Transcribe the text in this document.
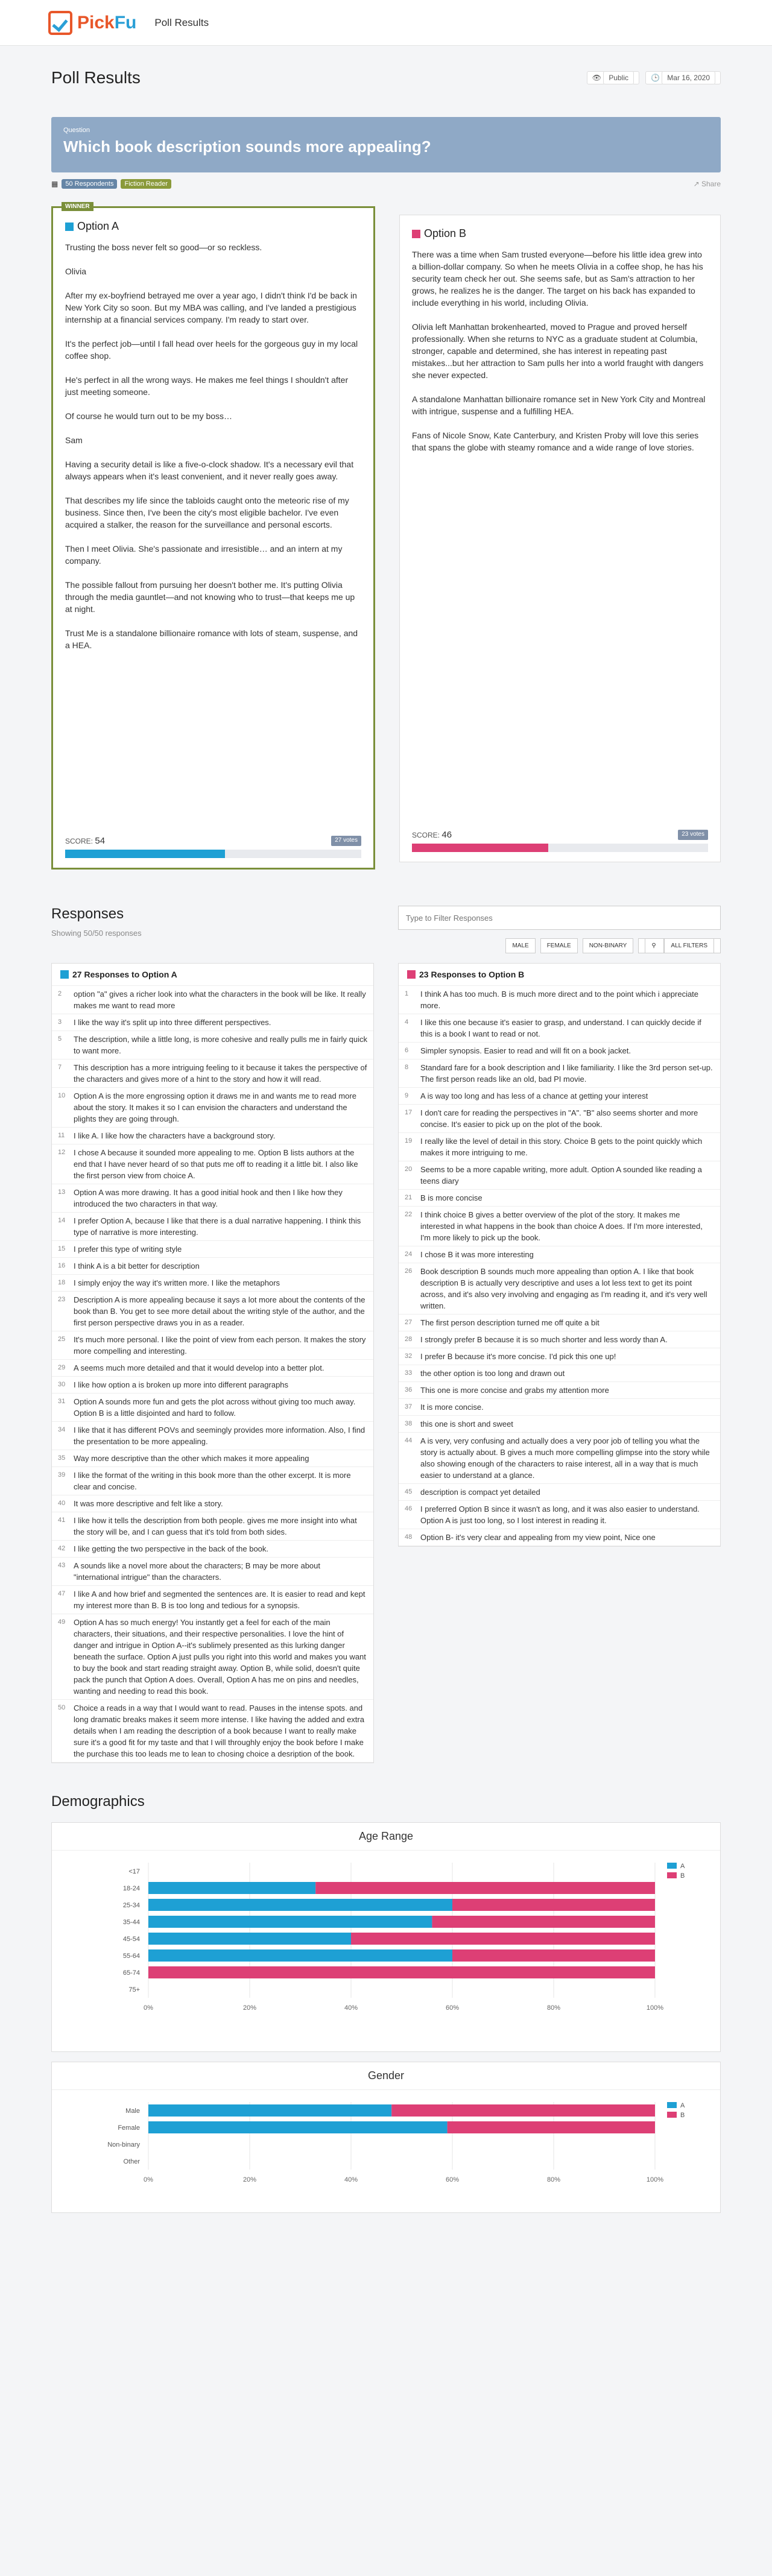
PickFu Poll Results
Poll Results	👁 Public	🕒 Mar 16, 2020
Question
Which book description sounds more appealing?
▦	50 Respondents	Fiction Reader	↗ Share
WINNER
Option A

Trusting the boss never felt so good—or so reckless.

Olivia

After my ex-boyfriend betrayed me over a year ago, I didn't think I'd be back in New York City so soon. But my MBA was calling, and I've landed a prestigious internship at a financial services company. I'm ready to start over.

It's the perfect job—until I fall head over heels for the gorgeous guy in my local coffee shop.

He's perfect in all the wrong ways. He makes me feel things I shouldn't after just meeting someone.

Of course he would turn out to be my boss…

Sam

Having a security detail is like a five-o-clock shadow. It's a necessary evil that always appears when it's least convenient, and it never really goes away.

That describes my life since the tabloids caught onto the meteoric rise of my business. Since then, I've been the city's most eligible bachelor. I've even acquired a stalker, the reason for the surveillance and personal escorts.

Then I meet Olivia. She's passionate and irresistible… and an intern at my company.

The possible fallout from pursuing her doesn't bother me. It's putting Olivia through the media gauntlet—and not knowing who to trust—that keeps me up at night.

Trust Me is a standalone billionaire romance with lots of steam, suspense, and a HEA.

SCORE: 54	27 votes
Option B

There was a time when Sam trusted everyone—before his little idea grew into a billion-dollar company. So when he meets Olivia in a coffee shop, he has his security team check her out. She seems safe, but as Sam's attraction to her grows, he realizes he is the danger. The target on his back has expanded to include everything in his world, including Olivia.

Olivia left Manhattan brokenhearted, moved to Prague and proved herself professionally. When she returns to NYC as a graduate student at Columbia, stronger, capable and determined, she has interest in repeating past mistakes...but her attraction to Sam pulls her into a world fraught with dangers she never expected.

A standalone Manhattan billionaire romance set in New York City and Montreal with intrigue, suspense and a fulfilling HEA.

Fans of Nicole Snow, Kate Canterbury, and Kristen Proby will love this series that spans the globe with steamy romance and a wide range of love stories.

SCORE: 46	23 votes
Responses
Showing 50/50 responses
Type to Filter Responses
MALE	FEMALE	NON-BINARY	⚲ ALL FILTERS
27 Responses to Option A
2	option "a" gives a richer look into what the characters in the book will be like. It really makes me want to read more
3	I like the way it's split up into three different perspectives.
5	The description, while a little long, is more cohesive and really pulls me in fairly quick to want more.
7	This description has a more intriguing feeling to it because it takes the perspective of the characters and gives more of a hint to the story and how it will read.
10	Option A is the more engrossing option it draws me in and wants me to read more about the story. It makes it so I can envision the characters and understand the plights they are going through.
11	I like A. I like how the characters have a background story.
12	I chose A because it sounded more appealing to me. Option B lists authors at the end that I have never heard of so that puts me off to reading it a little bit. I also like the first person view from choice A.
13	Option A was more drawing. It has a good initial hook and then I like how they introduced the two characters in that way.
14	I prefer Option A, because I like that there is a dual narrative happening. I think this type of narrative is more interesting.
15	I prefer this type of writing style
16	I think A is a bit better for description
18	I simply enjoy the way it's written more. I like the metaphors
23	Description A is more appealing because it says a lot more about the contents of the book than B. You get to see more detail about the writing style of the author, and the first person perspective draws you in as a reader.
25	It's much more personal. I like the point of view from each person. It makes the story more compelling and interesting.
29	A seems much more detailed and that it would develop into a better plot.
30	I like how option a is broken up more into different paragraphs
31	Option A sounds more fun and gets the plot across without giving too much away. Option B is a little disjointed and hard to follow.
34	I like that it has different POVs and seemingly provides more information. Also, I find the presentation to be more appealing.
35	Way more descriptive than the other which makes it more appealing
39	I like the format of the writing in this book more than the other excerpt. It is more clear and concise.
40	It was more descriptive and felt like a story.
41	I like how it tells the description from both people. gives me more insight into what the story will be, and I can guess that it's told from both sides.
42	I like getting the two perspective in the back of the book.
43	A sounds like a novel more about the characters; B may be more about "international intrigue" than the characters.
47	I like A and how brief and segmented the sentences are. It is easier to read and kept my interest more than B. B is too long and tedious for a synopsis.
49	Option A has so much energy! You instantly get a feel for each of the main characters, their situations, and their respective personalities. I love the hint of danger and intrigue in Option A--it's sublimely presented as this lurking danger beneath the surface. Option A just pulls you right into this world and makes you want to buy the book and start reading straight away. Option B, while solid, doesn't quite pack the punch that Option A does. Overall, Option A has me on pins and needles, wanting and needing to read this book.
50	Choice a reads in a way that I would want to read. Pauses in the intense spots. and long dramatic breaks makes it seem more intense. I like having the added and extra details when I am reading the description of a book because I want to really make sure it's a good fit for my taste and that I will throughly enjoy the book before I make the purchase this too leads me to lean to chosing choice a desription of the book.
23 Responses to Option B
1	I think A has too much. B is much more direct and to the point which i appreciate more.
4	I like this one because it's easier to grasp, and understand. I can quickly decide if this is a book I want to read or not.
6	Simpler synopsis. Easier to read and will fit on a book jacket.
8	Standard fare for a book description and I like familiarity. I like the 3rd person set-up. The first person reads like an old, bad PI movie.
9	A is way too long and has less of a chance at getting your interest
17	I don't care for reading the perspectives in "A". "B" also seems shorter and more concise. It's easier to pick up on the plot of the book.
19	I really like the level of detail in this story. Choice B gets to the point quickly which makes it more intriguing to me.
20	Seems to be a more capable writing, more adult. Option A sounded like reading a teens diary
21	B is more concise
22	I think choice B gives a better overview of the plot of the story. It makes me interested in what happens in the book than choice A does. If I'm more interested, I'm more likely to pick up the book.
24	I chose B it was more interesting
26	Book description B sounds much more appealing than option A. I like that book description B is actually very descriptive and uses a lot less text to get its point across, and it's also very involving and engaging as I'm reading it, and it's very well written.
27	The first person description turned me off quite a bit
28	I strongly prefer B because it is so much shorter and less wordy than A.
32	I prefer B because it's more concise. I'd pick this one up!
33	the other option is too long and drawn out
36	This one is more concise and grabs my attention more
37	It is more concise.
38	this one is short and sweet
44	A is very, very confusing and actually does a very poor job of telling you what the story is actually about. B gives a much more compelling glimpse into the story while also showing enough of the characters to raise interest, all in a way that is much easier to understand at a glance.
45	description is compact yet detailed
46	I preferred Option B since it wasn't as long, and it was also easier to understand. Option A is just too long, so I lost interest in reading it.
48	Option B- it's very clear and appealing from my view point, Nice one
Demographics
Age Range
0%	20%	40%	60%	80%	100%
<17
18-24
25-34
35-44
45-54
55-64
65-74
75+
A
B
Gender
0%	20%	40%	60%	80%	100%
Male
Female
Non-binary
Other
A
B
